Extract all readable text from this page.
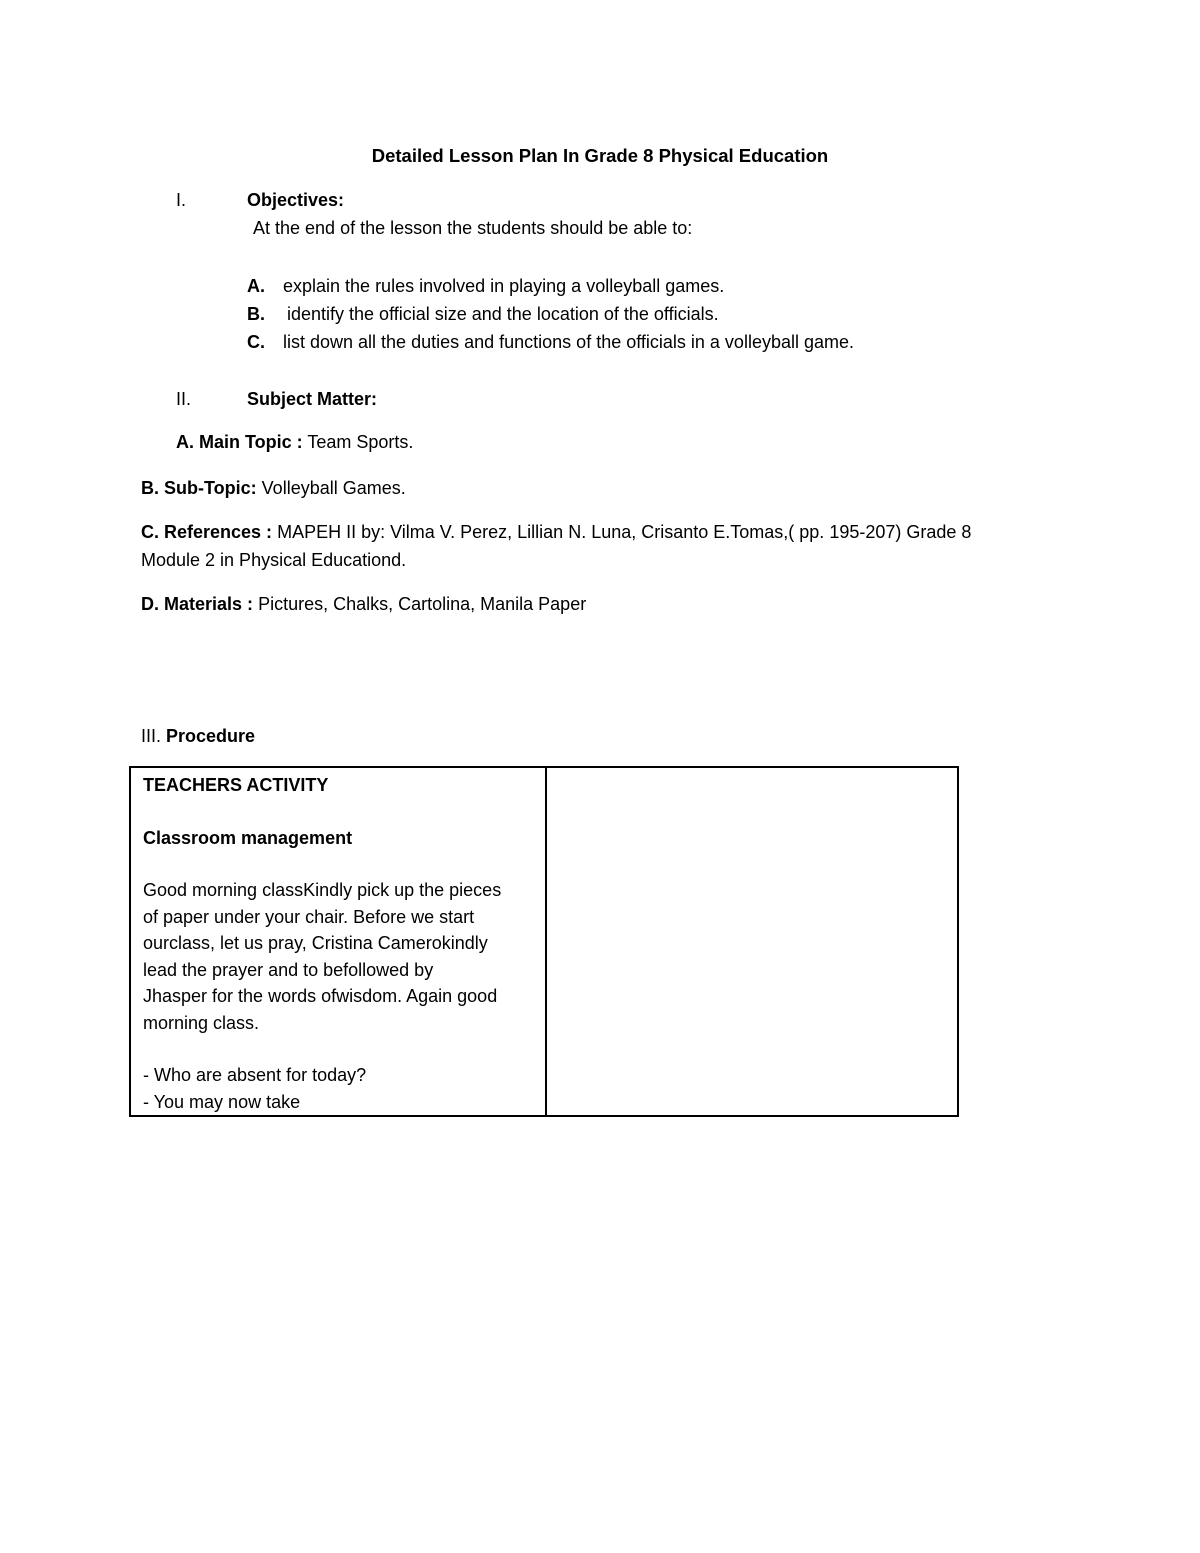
Detailed Lesson Plan In Grade 8 Physical Education
I.	Objectives:
At the end of the lesson the students should be able to:
A. explain the rules involved in playing a volleyball games.
B. identify the official size and the location of the officials.
C. list down all the duties and functions of the officials in a volleyball game.
II.	Subject Matter:
A. Main Topic : Team Sports.
B. Sub-Topic: Volleyball Games.
C. References : MAPEH II by: Vilma V. Perez, Lillian N. Luna, Crisanto E.Tomas,( pp. 195-207) Grade 8
Module 2 in Physical Educationd.
D. Materials : Pictures, Chalks, Cartolina, Manila Paper
III. Procedure

TEACHERS ACTIVITY

Classroom management

Good morning classKindly pick up the pieces

of paper under your chair. Before we start

ourclass, let us pray, Cristina Camerokindly

lead the prayer and to befollowed by

Jhasper for the words ofwisdom. Again good

morning class.

- Who are absent for today?

- You may now take
